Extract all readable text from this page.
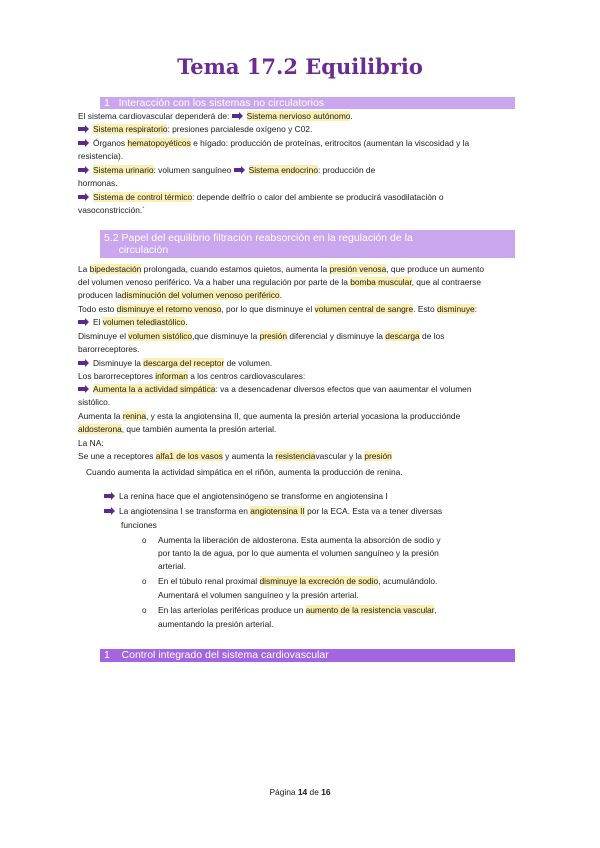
Tema 17.2 Equilibrio
1 Interacción con los sistemas no circulatorios
El sistema cardiovascular dependerá de: Sistema nervioso autónomo.
Sistema respiratorio: presiones parcialesde oxígeno y C02.
Órganos hematopoyéticos e hígado: producción de proteínas, eritrocitos (aumentan la viscosidad y la
resistencia).
Sistema urinario: volumen sanguíneo Sistema endocrino: producción de
hormonas.
Sistema de control térmico: depende delfrío o calor del ambiente se producirá vasodilatación o
vasoconstricción.´
5.2 Papel del equilibrio filtración reabsorción en la regulación de la
circulación
La bipedestación prolongada, cuando estamos quietos, aumenta la presión venosa, que produce un aumento
del volumen venoso periférico. Va a haber una regulación por parte de la bomba muscular, que al contraerse
producen ladisminución del volumen venoso periférico.
Todo esto disminuye el retorno venoso, por lo que disminuye el volumen central de sangre. Esto disminuye:
El volumen telediastólico.
Disminuye el volumen sistólico,que disminuye la presión diferencial y disminuye la descarga de los
barorreceptores.
Disminuye la descarga del receptor de volumen.
Los barorreceptores informan a los centros cardiovasculares:
Aumenta la a actividad simpática: va a desencadenar diversos efectos que van aaumentar el volumen
sistólico.
Aumenta la renina, y esta la angiotensina II, que aumenta la presión arterial yocasiona la produccióndе
aldosterona, que también aumenta la presión arterial.
La NA:
Se une a receptores alfa1 de los vasos y aumenta la resistenciavascular y la presión
Cuando aumenta la actividad simpática en el riñón, aumenta la producción de renina.
La renina hace que el angiotensinógeno se transforme en angiotensina I
La angiotensina I se transforma en angiotensina II por la ECA. Esta va a tener diversas
funciones
o Aumenta la liberación de aldosterona. Esta aumenta la absorción de sodio y
por tanto la de agua, por lo que aumenta el volumen sanguíneo y la presión
arterial.
o En el túbulo renal proximal disminuye la excreción de sodio, acumulándolo.
Aumentará el volumen sanguíneo y la presión arterial.
o En las arteriolas periféricas produce un aumento de la resistencia vascular,
aumentando la presión arterial.
1 Control integrado del sistema cardiovascular
Página 14 de 16
